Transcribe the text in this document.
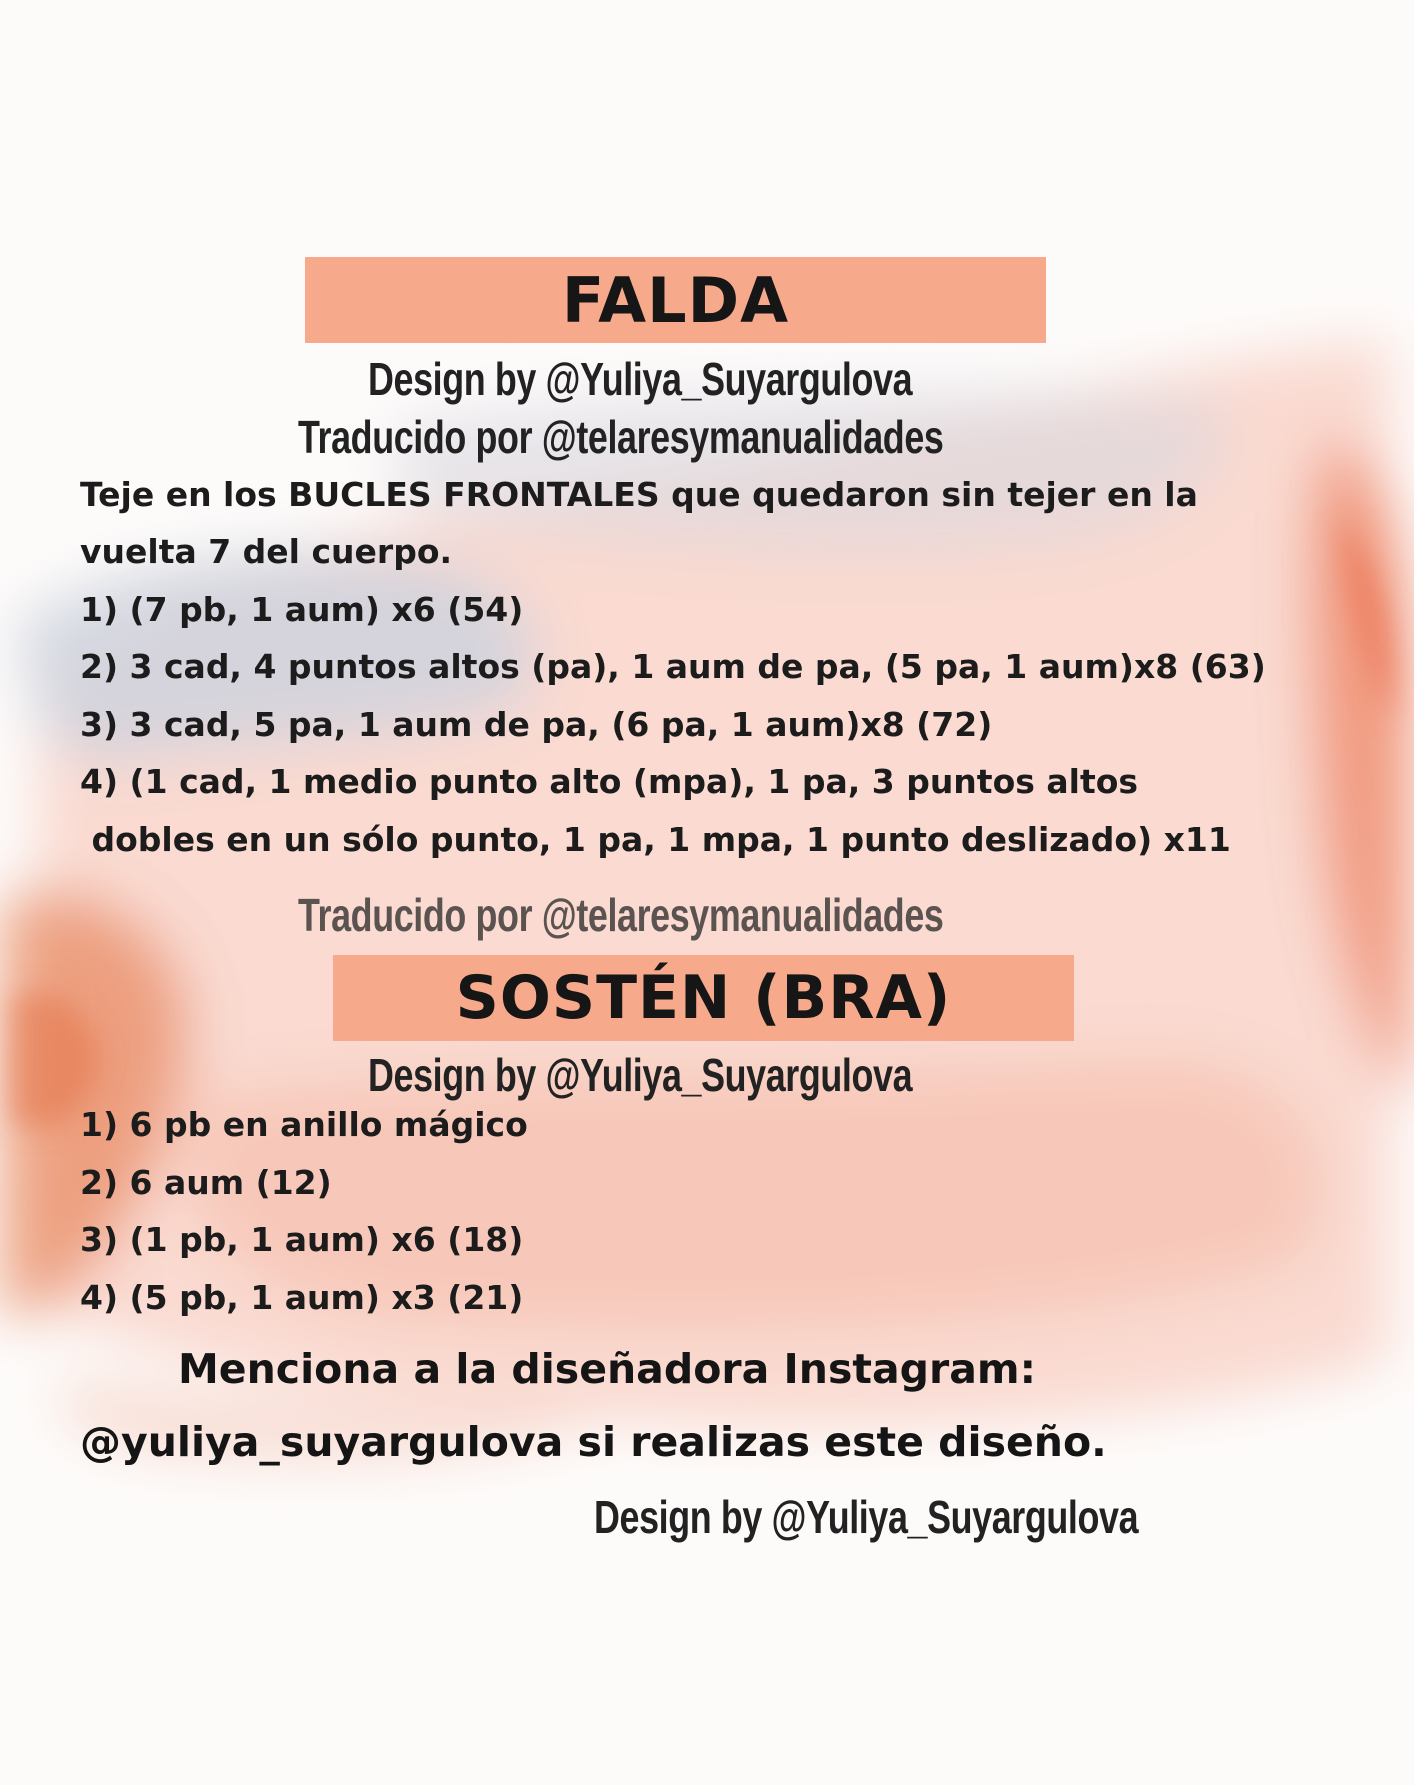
FALDA
Design by @Yuliya_Suyargulova
Traducido por @telaresymanualidades
Teje en los BUCLES FRONTALES que quedaron sin tejer en la
vuelta 7 del cuerpo.
1) (7 pb, 1 aum) x6 (54)
2) 3 cad, 4 puntos altos (pa), 1 aum de pa, (5 pa, 1 aum)x8 (63)
3) 3 cad, 5 pa, 1 aum de pa, (6 pa, 1 aum)x8 (72)
4) (1 cad, 1 medio punto alto (mpa), 1 pa, 3 puntos altos
dobles en un sólo punto, 1 pa, 1 mpa, 1 punto deslizado) x11
Traducido por @telaresymanualidades
SOSTÉN (BRA)
Design by @Yuliya_Suyargulova
1) 6 pb en anillo mágico
2) 6 aum (12)
3) (1 pb, 1 aum) x6 (18)
4) (5 pb, 1 aum) x3 (21)
Menciona a la diseñadora Instagram:
@yuliya_suyargulova si realizas este diseño.
Design by @Yuliya_Suyargulova
